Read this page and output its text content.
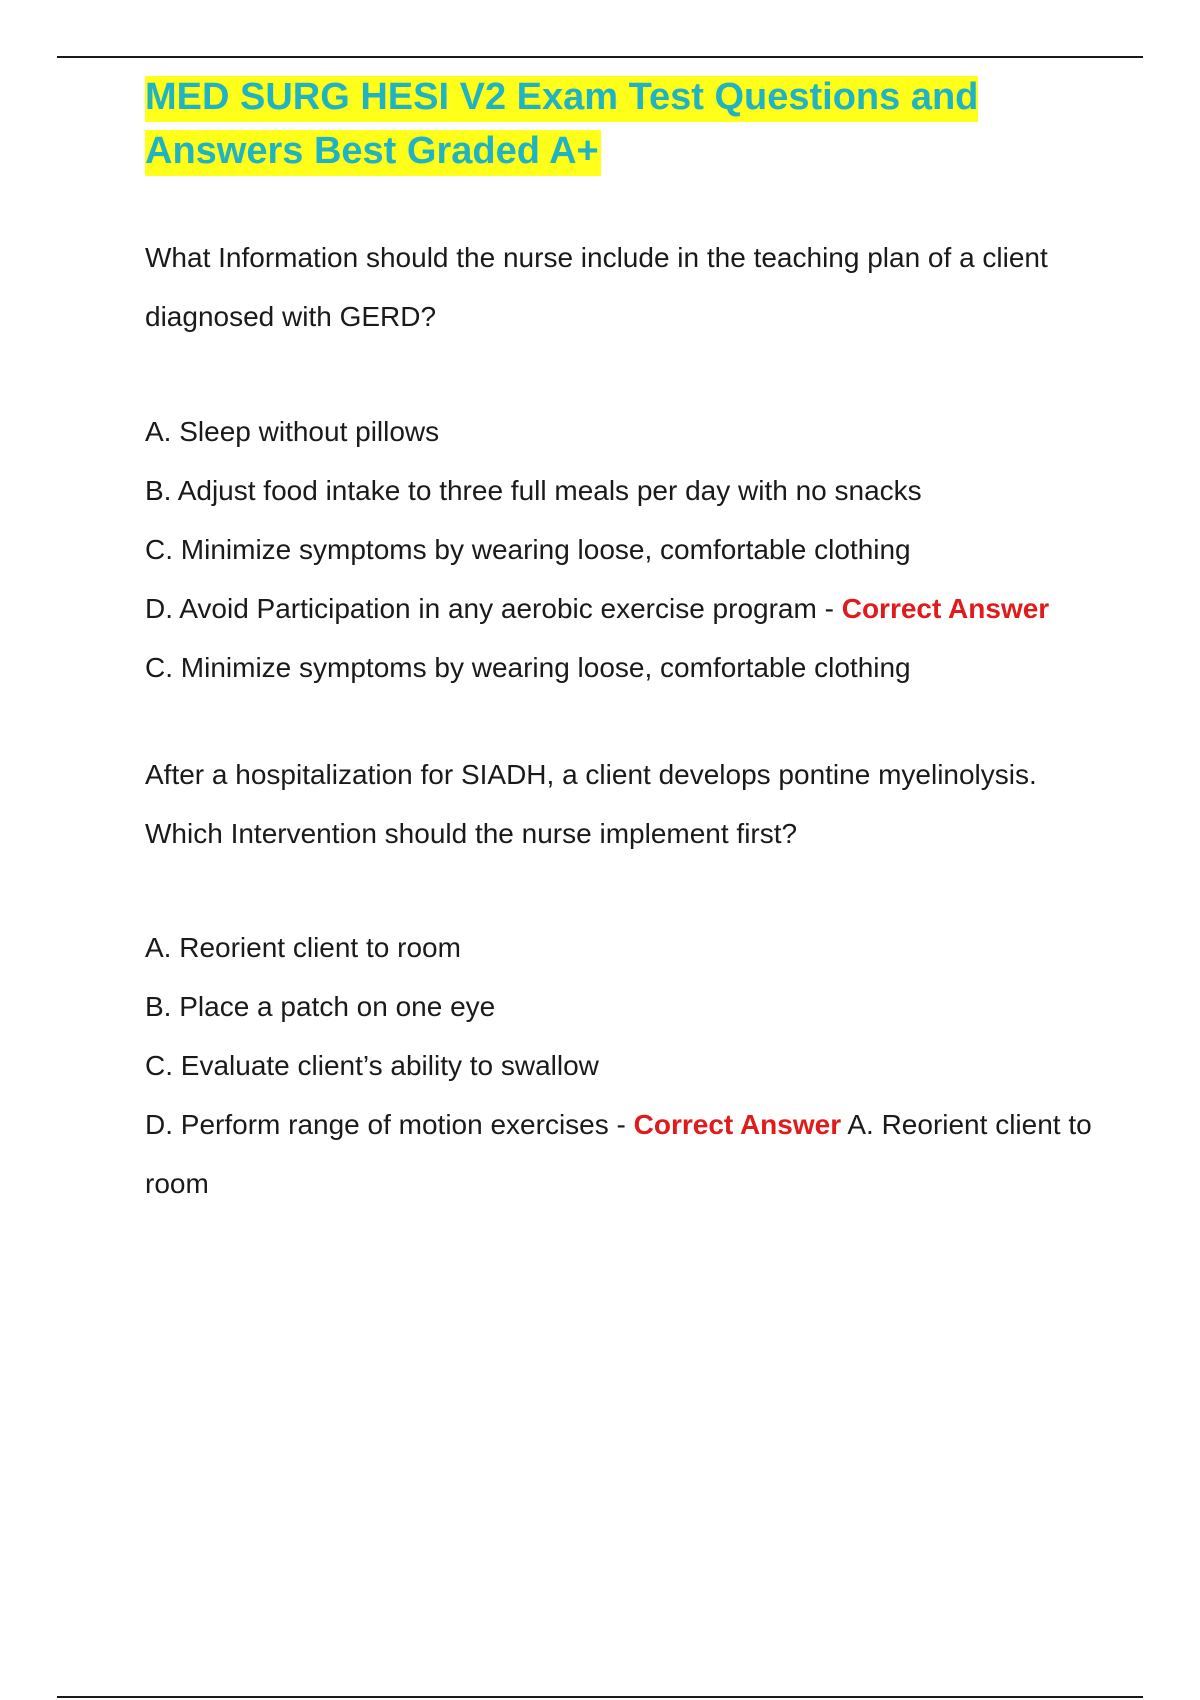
MED SURG HESI V2 Exam Test Questions and Answers Best Graded A+

What Information should the nurse include in the teaching plan of a client diagnosed with GERD?

A. Sleep without pillows
B. Adjust food intake to three full meals per day with no snacks
C. Minimize symptoms by wearing loose, comfortable clothing
D. Avoid Participation in any aerobic exercise program - Correct Answer
C. Minimize symptoms by wearing loose, comfortable clothing

After a hospitalization for SIADH, a client develops pontine myelinolysis. Which Intervention should the nurse implement first?

A. Reorient client to room
B. Place a patch on one eye
C. Evaluate client’s ability to swallow
D. Perform range of motion exercises - Correct Answer A. Reorient client to room
